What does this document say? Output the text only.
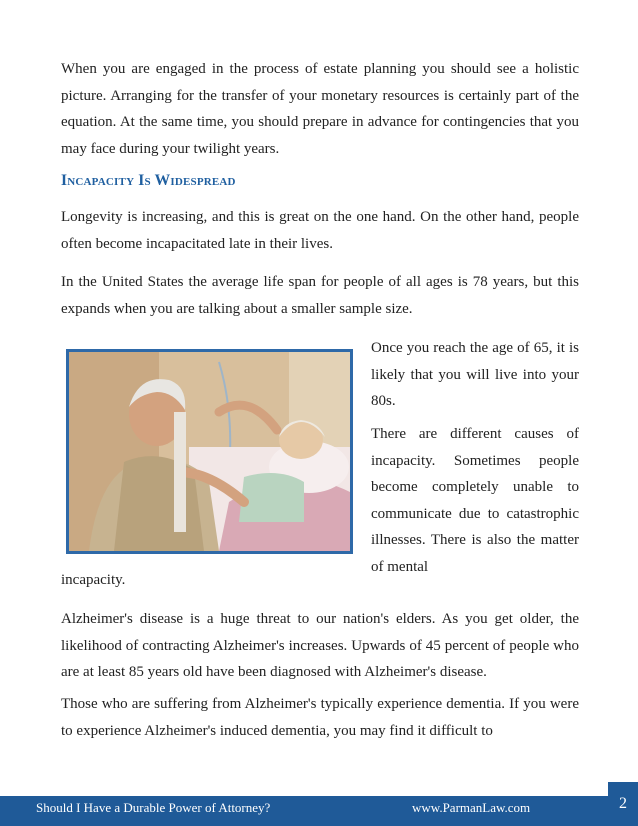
When you are engaged in the process of estate planning you should see a holistic picture. Arranging for the transfer of your monetary resources is certainly part of the equation. At the same time, you should prepare in advance for contingencies that you may face during your twilight years.

Incapacity Is Widespread

Longevity is increasing, and this is great on the one hand. On the other hand, people often become incapacitated late in their lives.

In the United States the average life span for people of all ages is 78 years, but this expands when you are talking about a smaller sample size.

Once you reach the age of 65, it is likely that you will live into your 80s.

There are different causes of incapacity. Sometimes people become completely unable to communicate due to catastrophic illnesses. There is also the matter of mental

incapacity.

Alzheimer's disease is a huge threat to our nation's elders. As you get older, the likelihood of contracting Alzheimer's increases. Upwards of 45 percent of people who are at least 85 years old have been diagnosed with Alzheimer's disease.

Those who are suffering from Alzheimer's typically experience dementia. If you were to experience Alzheimer's induced dementia, you may find it difficult to

Should I Have a Durable Power of Attorney?	www.ParmanLaw.com	2
